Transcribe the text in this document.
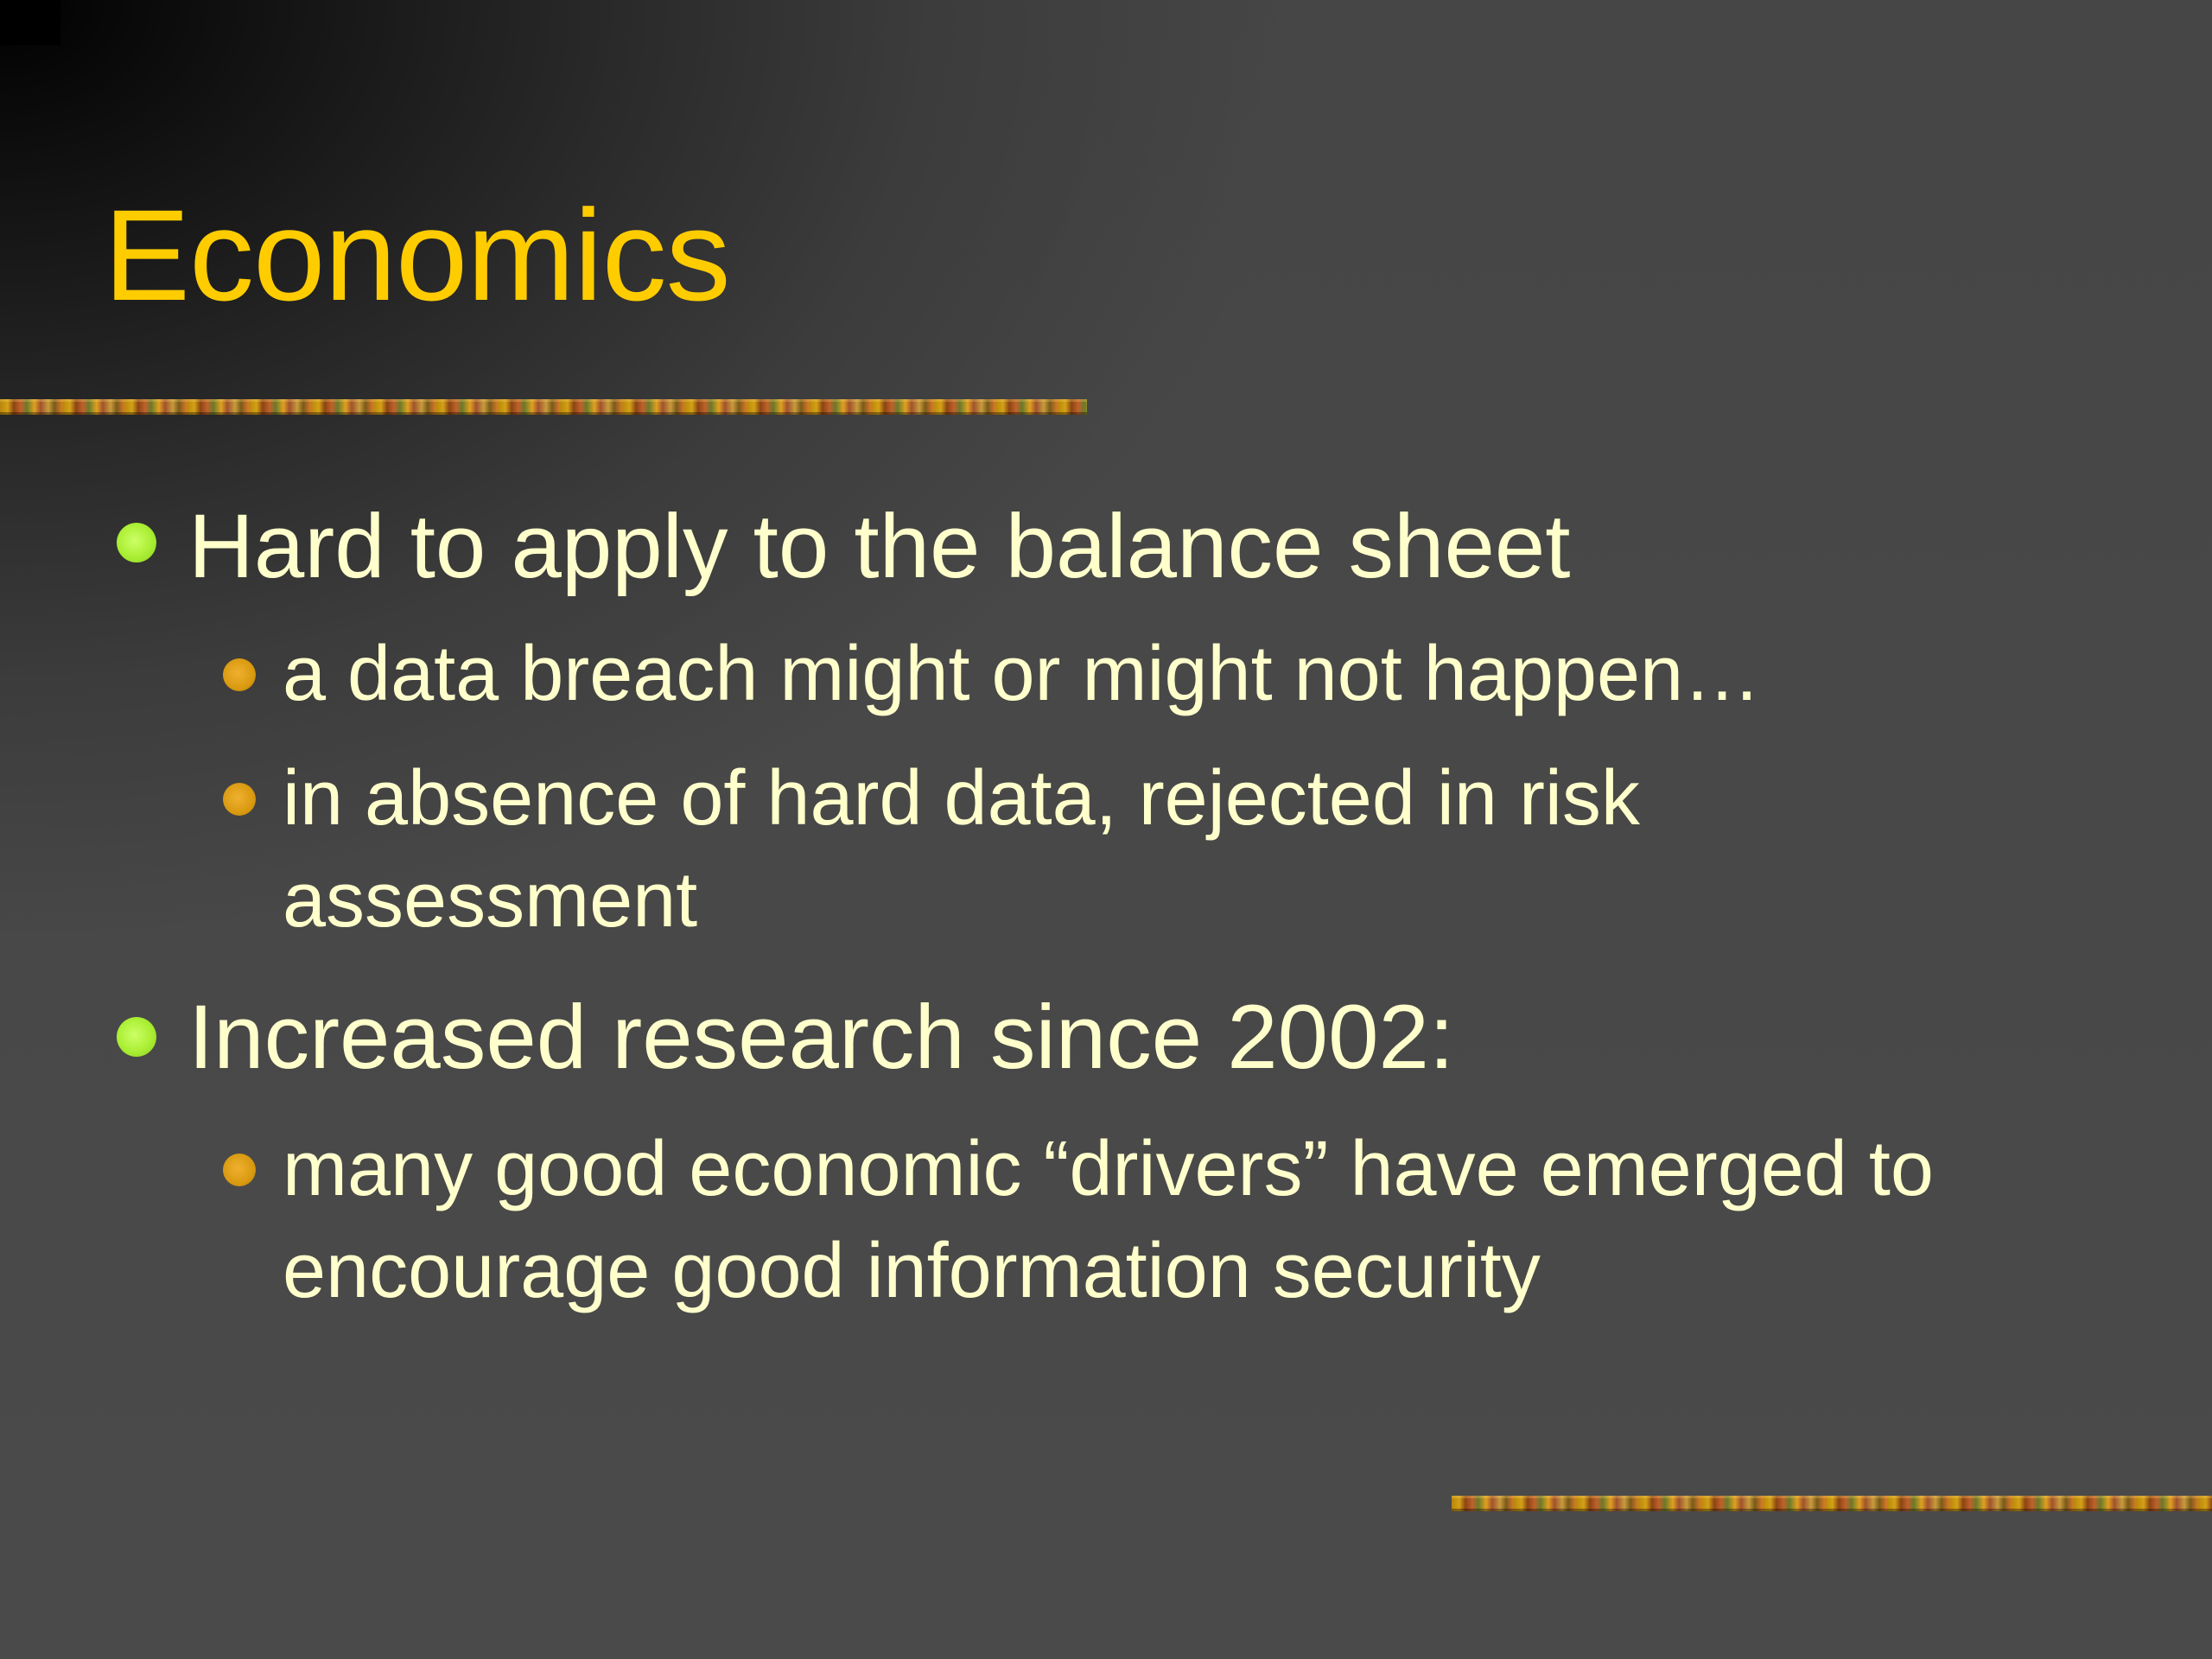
Economics
Hard to apply to the balance sheet
a data breach might or might not happen…
in absence of hard data, rejected in risk assessment
Increased research since 2002:
many good economic “drivers” have emerged to encourage good information security
